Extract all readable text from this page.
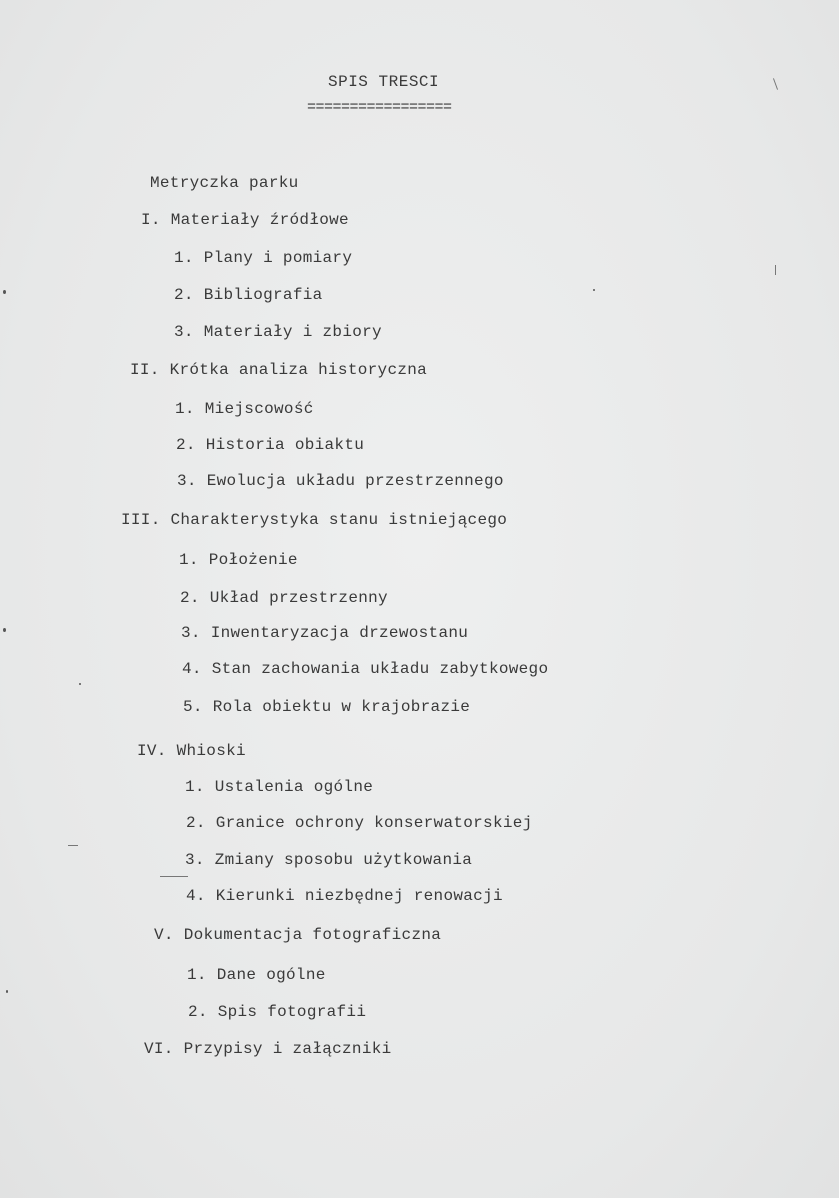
SPIS TRESCI
=================
Metryczka parku
I. Materiały źródłowe
1. Plany i pomiary
2. Bibliografia
3. Materiały i zbiory
II. Krótka analiza historyczna
1. Miejscowość
2. Historia obiaktu
3. Ewolucja układu przestrzennego
III. Charakterystyka stanu istniejącego
1. Położenie
2. Układ przestrzenny
3. Inwentaryzacja drzewostanu
4. Stan zachowania układu zabytkowego
5. Rola obiektu w krajobrazie
IV. Whioski
1. Ustalenia ogólne
2. Granice ochrony konserwatorskiej
3. Zmiany sposobu użytkowania
4. Kierunki niezbędnej renowacji
V. Dokumentacja fotograficzna
1. Dane ogólne
2. Spis fotografii
VI. Przypisy i załączniki
